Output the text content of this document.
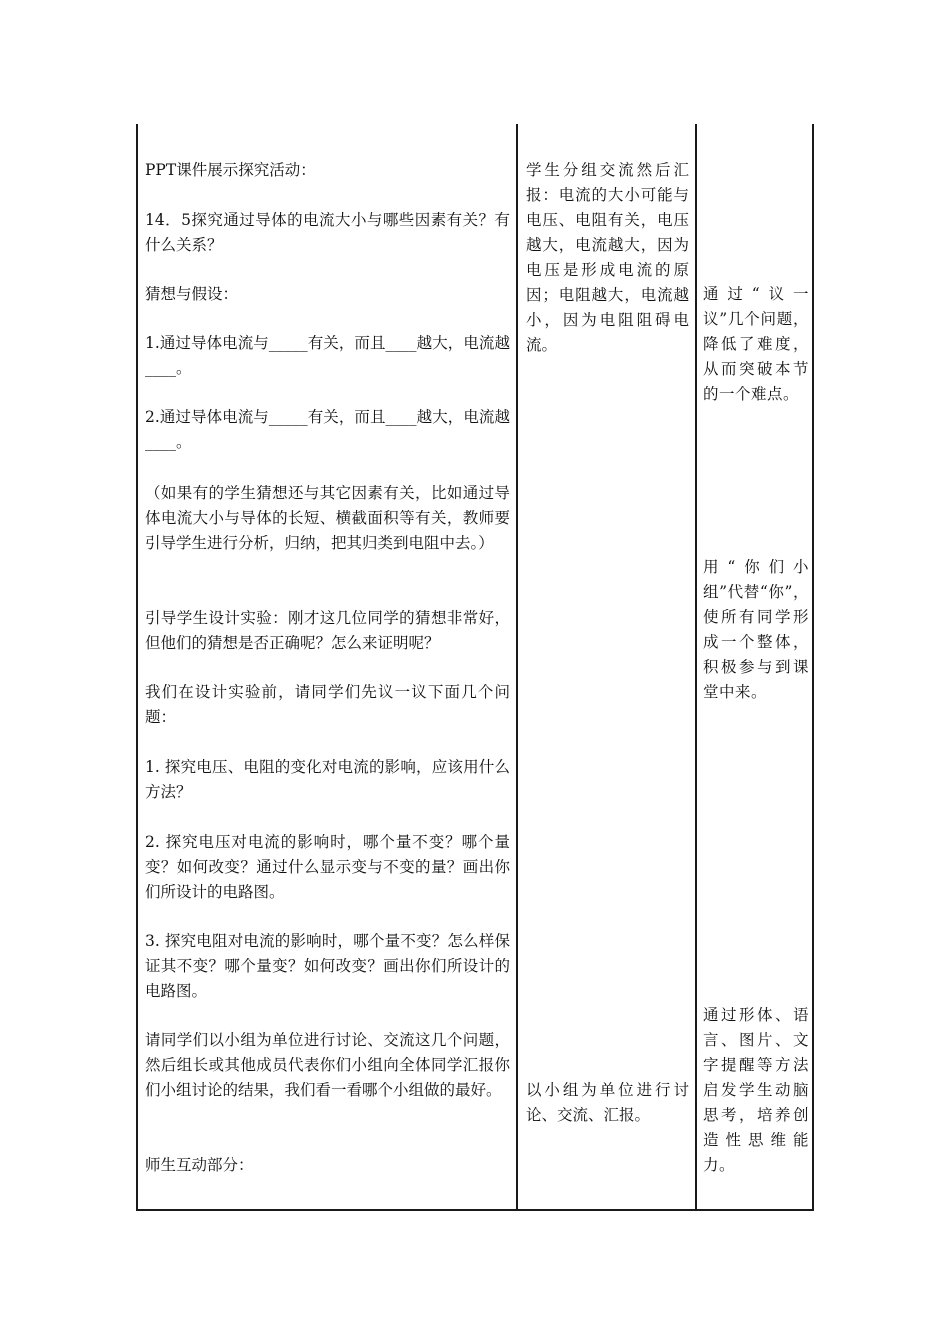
PPT课件展示探究活动：

14．5探究通过导体的电流大小与哪些因素有关？有什么关系？

猜想与假设：

1.通过导体电流与_____有关，而且____越大，电流越____。

2.通过导体电流与_____有关，而且____越大，电流越____。

（如果有的学生猜想还与其它因素有关，比如通过导体电流大小与导体的长短、横截面积等有关，教师要引导学生进行分析，归纳，把其归类到电阻中去。）

引导学生设计实验：刚才这几位同学的猜想非常好，但他们的猜想是否正确呢？怎么来证明呢？

我们在设计实验前，请同学们先议一议下面几个问题：

1. 探究电压、电阻的变化对电流的影响，应该用什么方法？

2. 探究电压对电流的影响时，哪个量不变？哪个量变？如何改变？通过什么显示变与不变的量？画出你们所设计的电路图。

3. 探究电阻对电流的影响时，哪个量不变？怎么样保证其不变？哪个量变？如何改变？画出你们所设计的电路图。

请同学们以小组为单位进行讨论、交流这几个问题，然后组长或其他成员代表你们小组向全体同学汇报你们小组讨论的结果，我们看一看哪个小组做的最好。

师生互动部分：

学生分组交流然后汇报：电流的大小可能与电压、电阻有关，电压越大，电流越大，因为电压是形成电流的原因；电阻越大，电流越小，因为电阻阻碍电流。

以小组为单位进行讨论、交流、汇报。

通过“议一议”几个问题，降低了难度，从而突破本节的一个难点。

用“你们小组”代替“你”，使所有同学形成一个整体，积极参与到课堂中来。

通过形体、语言、图片、文字提醒等方法启发学生动脑思考，培养创造性思维能力。
